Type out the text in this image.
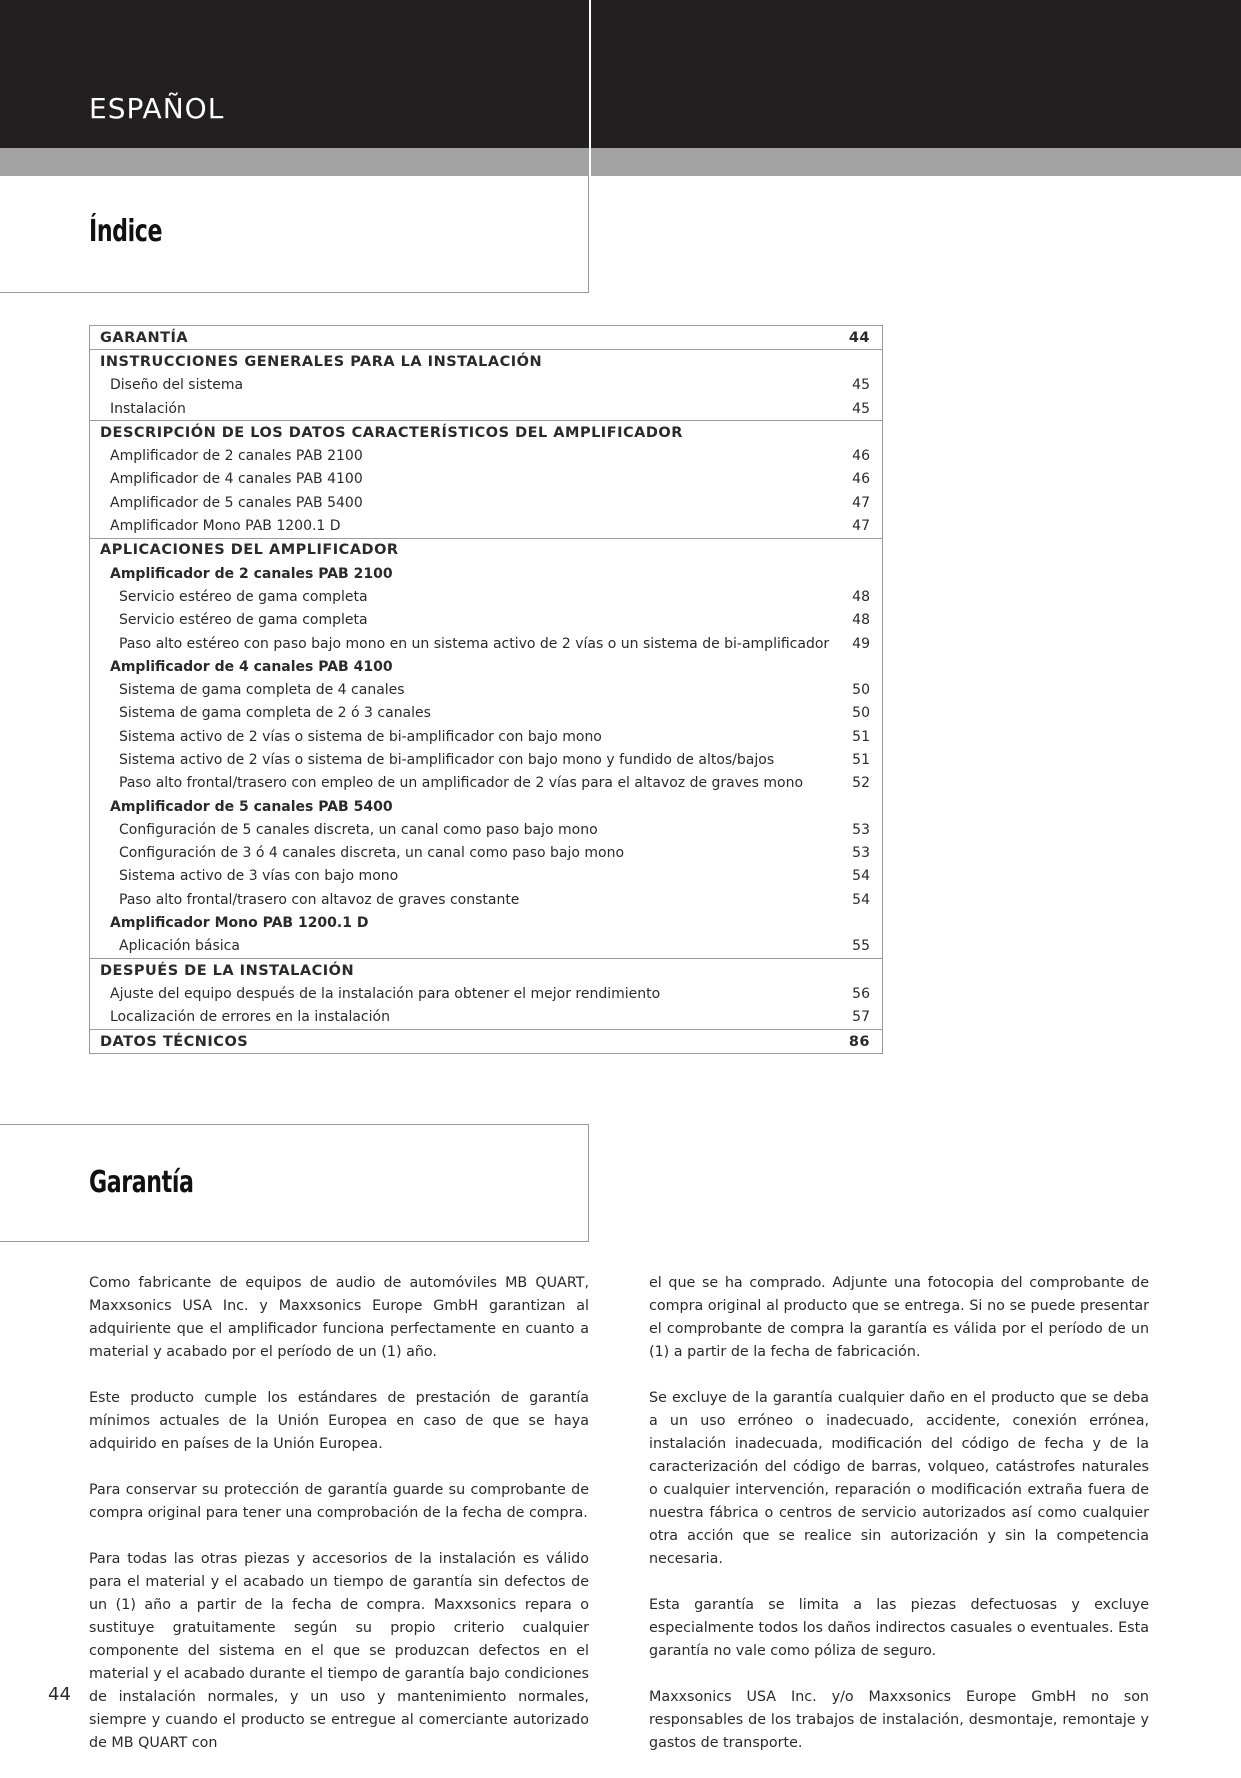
ESPAÑOL
Índice
GARANTÍA	44
INSTRUCCIONES GENERALES PARA LA INSTALACIÓN
Diseño del sistema	45
Instalación	45
DESCRIPCIÓN DE LOS DATOS CARACTERÍSTICOS DEL AMPLIFICADOR
Amplificador de 2 canales PAB 2100	46
Amplificador de 4 canales PAB 4100	46
Amplificador de 5 canales PAB 5400	47
Amplificador Mono PAB 1200.1 D	47
APLICACIONES DEL AMPLIFICADOR
Amplificador de 2 canales PAB 2100
Servicio estéreo de gama completa	48
Servicio estéreo de gama completa	48
Paso alto estéreo con paso bajo mono en un sistema activo de 2 vías o un sistema de bi-amplificador	49
Amplificador de 4 canales PAB 4100
Sistema de gama completa de 4 canales	50
Sistema de gama completa de 2 ó 3 canales	50
Sistema activo de 2 vías o sistema de bi-amplificador con bajo mono	51
Sistema activo de 2 vías o sistema de bi-amplificador con bajo mono y fundido de altos/bajos	51
Paso alto frontal/trasero con empleo de un amplificador de 2 vías para el altavoz de graves mono	52
Amplificador de 5 canales PAB 5400
Configuración de 5 canales discreta, un canal como paso bajo mono	53
Configuración de 3 ó 4 canales discreta, un canal como paso bajo mono	53
Sistema activo de 3 vías con bajo mono	54
Paso alto frontal/trasero con altavoz de graves constante	54
Amplificador Mono PAB 1200.1 D
Aplicación básica	55
DESPUÉS DE LA INSTALACIÓN
Ajuste del equipo después de la instalación para obtener el mejor rendimiento	56
Localización de errores en la instalación	57
DATOS TÉCNICOS	86
Garantía

Como fabricante de equipos de audio de automóviles MB QUART, Maxxsonics USA Inc. y Maxxsonics Europe GmbH garantizan al adquiriente que el amplificador funciona perfectamente en cuanto a material y acabado por el período de un (1) año.

Este producto cumple los estándares de prestación de garantía mínimos actuales de la Unión Europea en caso de que se haya adquirido en países de la Unión Europea.

Para conservar su protección de garantía guarde su comprobante de compra original para tener una comprobación de la fecha de compra.

Para todas las otras piezas y accesorios de la instalación es válido para el material y el acabado un tiempo de garantía sin defectos de un (1) año a partir de la fecha de compra. Maxxsonics repara o sustituye gratuitamente según su propio criterio cualquier componente del sistema en el que se produzcan defectos en el material y el acabado durante el tiempo de garantía bajo condiciones de instalación normales, y un uso y mantenimiento normales, siempre y cuando el producto se entregue al comerciante autorizado de MB QUART con

el que se ha comprado. Adjunte una fotocopia del comprobante de compra original al producto que se entrega. Si no se puede presentar el comprobante de compra la garantía es válida por el período de un (1) a partir de la fecha de fabricación.

Se excluye de la garantía cualquier daño en el producto que se deba a un uso erróneo o inadecuado, accidente, conexión errónea, instalación inadecuada, modificación del código de fecha y de la caracterización del código de barras, volqueo, catástrofes naturales o cualquier intervención, reparación o modificación extraña fuera de nuestra fábrica o centros de servicio autorizados así como cualquier otra acción que se realice sin autorización y sin la competencia necesaria.

Esta garantía se limita a las piezas defectuosas y excluye especialmente todos los daños indirectos casuales o eventuales. Esta garantía no vale como póliza de seguro.

Maxxsonics USA Inc. y/o Maxxsonics Europe GmbH no son responsables de los trabajos de instalación, desmontaje, remontaje y gastos de transporte.

44
